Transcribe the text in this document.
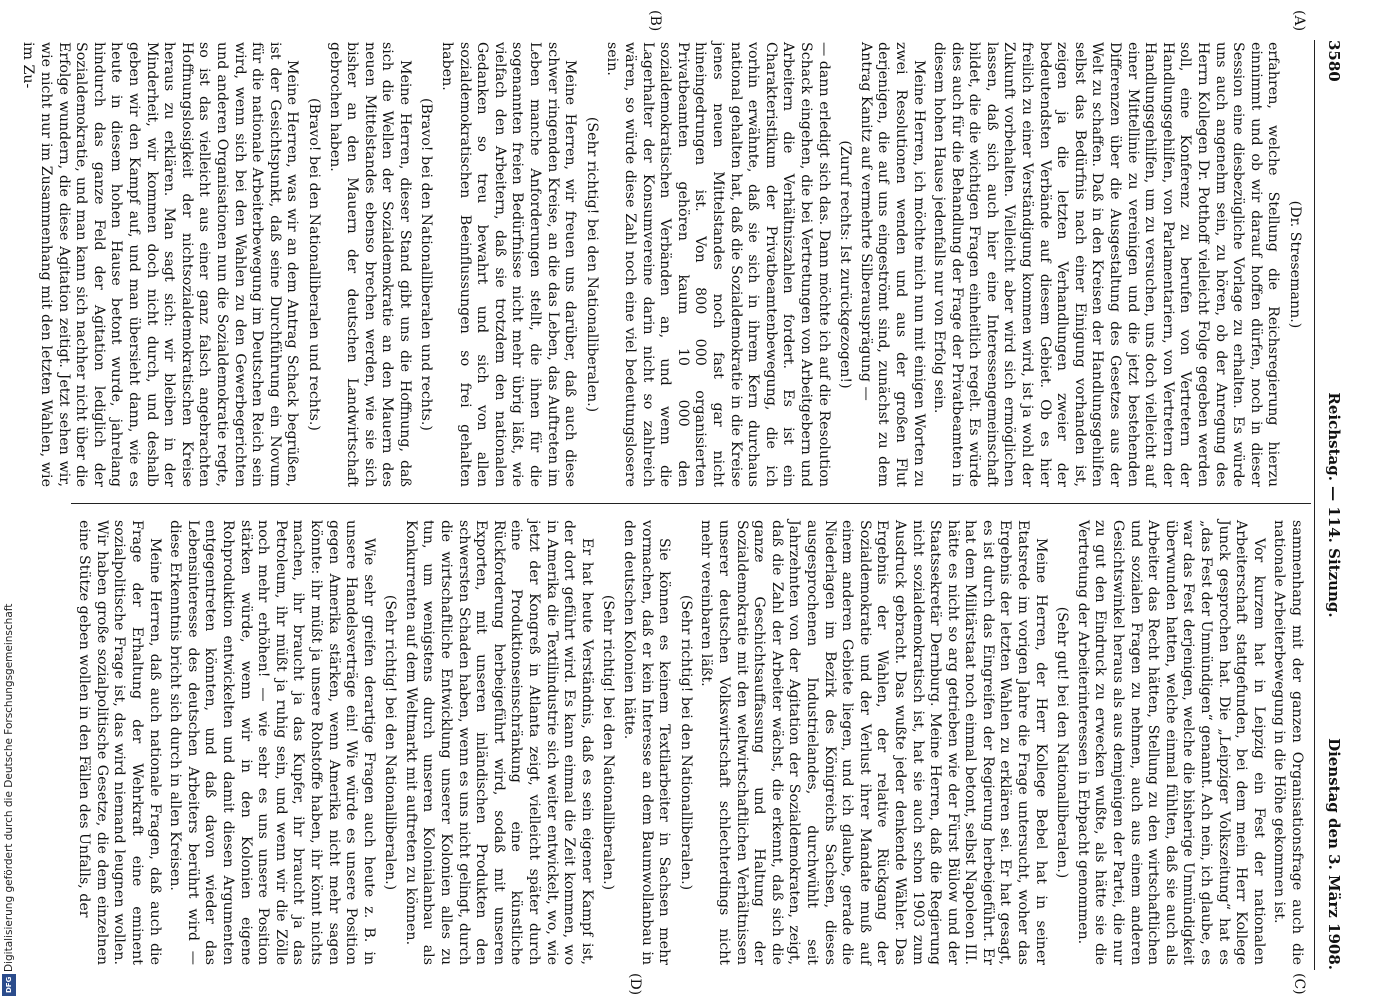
3580
Reichstag. — 114. Sitzung.
Dienstag den 3. März 1908.

(Dr. Stresemann.)

erfahren, welche Stellung die Reichsregierung hierzu einnimmt und ob wir darauf hoffen dürfen, noch in dieser Session eine diesbezügliche Vorlage zu erhalten. Es würde uns auch angenehm sein, zu hören, ob der Anregung des Herrn Kollegen Dr. Potthoff vielleicht Folge gegeben werden soll, eine Konferenz zu berufen von Vertretern der Handlungsgehilfen, von Parlamentariern, von Vertretern der Handlungsgehilfen, um zu versuchen, uns doch vielleicht auf einer Mittellinie zu vereinigen und die jetzt bestehenden Differenzen über die Ausgestaltung des Gesetzes aus der Welt zu schaffen. Daß in den Kreisen der Handlungsgehilfen selbst das Bedürfnis nach einer Einigung vorhanden ist, zeigen ja die letzten Verhandlungen zweier der bedeutendsten Verbände auf diesem Gebiet. Ob es hier freilich zu einer Verständigung kommen wird, ist ja wohl der Zukunft vorbehalten. Vielleicht aber wird sich ermöglichen lassen, daß sich auch hier eine Interessengemeinschaft bildet, die die wichtigen Fragen einheitlich regelt. Es würde dies auch für die Behandlung der Frage der Privatbeamten in diesem hohen Hause jedenfalls nur von Erfolg sein.

Meine Herren, ich möchte mich nun mit einigen Worten zu zwei Resolutionen wenden und aus der großen Flut derjenigen, die auf uns eingeströmt sind, zunächst zu dem Antrag Kanitz auf vermehrte Silberausprägung —

(Zuruf rechts: Ist zurückgezogen!)

— dann erledigt sich das. Dann möchte ich auf die Resolution Schack eingehen, die bei Vertretungen von Arbeitgebern und Arbeitern die Verhältniszahlen fordert. Es ist ein Charakteristikum der Privatbeamtenbewegung, die ich vorhin erwähnte, daß sie sich in ihrem Kern durchaus national gehalten hat, daß die Sozialdemokratie in die Kreise jenes neuen Mittelstandes noch fast gar nicht hineingedrungen ist. Von 800 000 organisierten Privatbeamten gehören kaum 10 000 den sozialdemokratischen Verbänden an, und wenn die Lagerhalter der Konsumvereine darin nicht so zahlreich wären, so würde diese Zahl noch eine viel bedeutungslosere sein.

(Sehr richtig! bei den Nationalliberalen.)

Meine Herren, wir freuen uns darüber, daß auch diese schwer ringenden Kreise, an die das Leben, das Auftreten im Leben manche Anforderungen stellt, die ihnen für die sogenannten freien Bedürfnisse nicht mehr übrig läßt, wie vielfach den Arbeitern, daß sie trotzdem den nationalen Gedanken so treu bewahrt und sich von allen sozialdemokratischen Beeinflussungen so frei gehalten haben.

(Bravo! bei den Nationalliberalen und rechts.)

Meine Herren, dieser Stand gibt uns die Hoffnung, daß sich die Wellen der Sozialdemokratie an den Mauern des neuen Mittelstandes ebenso brechen werden, wie sie sich bisher an den Mauern der deutschen Landwirtschaft gebrochen haben.

(Bravo! bei den Nationalliberalen und rechts.)

Meine Herren, was wir an dem Antrag Schack begrüßen, ist der Gesichtspunkt, daß seine Durchführung ein Novum für die nationale Arbeiterbewegung im Deutschen Reich sein wird, wenn sich bei den Wahlen zu den Gewerbegerichten und anderen Organisationen nun die Sozialdemokratie regte, so ist das vielleicht aus einer ganz falsch angebrachten Hoffnungslosigkeit der nichtsozialdemokratischen Kreise heraus zu erklären. Man sagt sich: wir bleiben in der Minderheit, wir kommen doch nicht durch, und deshalb geben wir den Kampf auf, und man übersieht dann, wie es heute in diesem hohen Hause betont wurde, jahrelang hindurch das ganze Feld der Agitation lediglich der Sozialdemokratie, und man kann sich nachher nicht über die Erfolge wundern, die diese Agitation zeitigt. Jetzt sehen wir, wie nicht nur im Zusammenhang mit den letzten Wahlen, wie im Zu-

sammenhang mit der ganzen Organisationsfrage auch die nationale Arbeiterbewegung in die Höhe gekommen ist.

Vor kurzem hat in Leipzig ein Fest der nationalen Arbeiterschaft stattgefunden, bei dem mein Herr Kollege Junck gesprochen hat. Die „Leipziger Volkszeitung“ hat es „das Fest der Unmündigen“ genannt. Ach nein, ich glaube, es war das Fest derjenigen, welche die bisherige Unmündigkeit überwunden hatten, welche einmal fühlten, daß sie auch als Arbeiter das Recht hätten, Stellung zu den wirtschaftlichen und sozialen Fragen zu nehmen, auch aus einem anderen Gesichtswinkel heraus als aus demjenigen der Partei, die nur zu gut den Eindruck zu erwecken wußte, als hätte sie die Vertretung der Arbeiterinteressen in Erbpacht genommen.

(Sehr gut! bei den Nationalliberalen.)

Meine Herren, der Herr Kollege Bebel hat in seiner Etatsrede im vorigen Jahre die Frage untersucht, woher das Ergebnis der letzten Wahlen zu erklären sei. Er hat gesagt, es ist durch das Eingreifen der Regierung herbeigeführt. Er hat dem Militärstaat noch einmal betont, selbst Napoleon III. hätte es nicht so arg getrieben wie der Fürst Bülow und der Staatssekretär Dernburg. Meine Herren, daß die Regierung nicht sozialdemokratisch ist, hat sie auch schon 1903 zum Ausdruck gebracht. Das wußte jeder denkende Wähler. Das Ergebnis der Wahlen, der relative Rückgang der Sozialdemokratie und der Verlust ihrer Mandate muß auf einem anderen Gebiete liegen, und ich glaube, gerade die Niederlagen im Bezirk des Königreichs Sachsen, dieses ausgesprochenen Industrielandes, durchwühlt seit Jahrzehnten von der Agitation der Sozialdemokraten, zeigt, daß die Zahl der Arbeiter wächst, die erkennt, daß sich die ganze Geschichtsauffassung und Haltung der Sozialdemokratie mit den weltwirtschaftlichen Verhältnissen unserer deutschen Volkswirtschaft schlechterdings nicht mehr vereinbaren läßt.

(Sehr richtig! bei den Nationalliberalen.)

Sie können es keinem Textilarbeiter in Sachsen mehr vormachen, daß er kein Interesse an dem Baumwollanbau in den deutschen Kolonien hätte.

(Sehr richtig! bei den Nationalliberalen.)

Er hat heute Verständnis, daß es sein eigener Kampf ist, der dort geführt wird. Es kann einmal die Zeit kommen, wo in Amerika die Textilindustrie sich weiter entwickelt, wo, wie jetzt der Kongreß in Atlanta zeigt, vielleicht später durch eine Produktionseinschränkung eine künstliche Rückforderung herbeigeführt wird, sodaß mit unseren Exporten, mit unseren inländischen Produkten den schwersten Schaden haben, wenn es uns nicht gelingt, durch die wirtschaftliche Entwicklung unserer Kolonien alles zu tun, um wenigstens durch unseren Kolonialanbau als Konkurrenten auf dem Weltmarkt mit auftreten zu können.

(Sehr richtig! bei den Nationalliberalen.)

Wie sehr greifen derartige Fragen auch heute z. B. in unsere Handelsverträge ein! Wie würde es unsere Position gegen Amerika stärken, wenn Amerika nicht mehr sagen könnte: ihr müßt ja unsere Rohstoffe haben, ihr könnt nichts machen, ihr braucht ja das Kupfer, ihr braucht ja das Petroleum, ihr müßt ja ruhig sein, und wenn wir die Zölle noch mehr erhöhen! — wie sehr es uns unsere Position stärken würde, wenn wir in den Kolonien eigene Rohproduktion entwickelten und damit diesen Argumenten entgegentreten könnten, und daß davon wieder das Lebensinteresse des deutschen Arbeiters berührt wird — diese Erkenntnis bricht sich durch in allen Kreisen.

Meine Herren, daß auch nationale Fragen, daß auch die Frage der Erhaltung der Wehrkraft eine eminent sozialpolitische Frage ist, das wird niemand leugnen wollen. Wir haben große sozialpolitische Gesetze, die dem einzelnen eine Stütze geben wollen in den Fällen des Unfalls, der

(A)
(B)
(C)
(D)
Digitalisierung gefördert durch die Deutsche Forschungsgemeinschaft
DFG
